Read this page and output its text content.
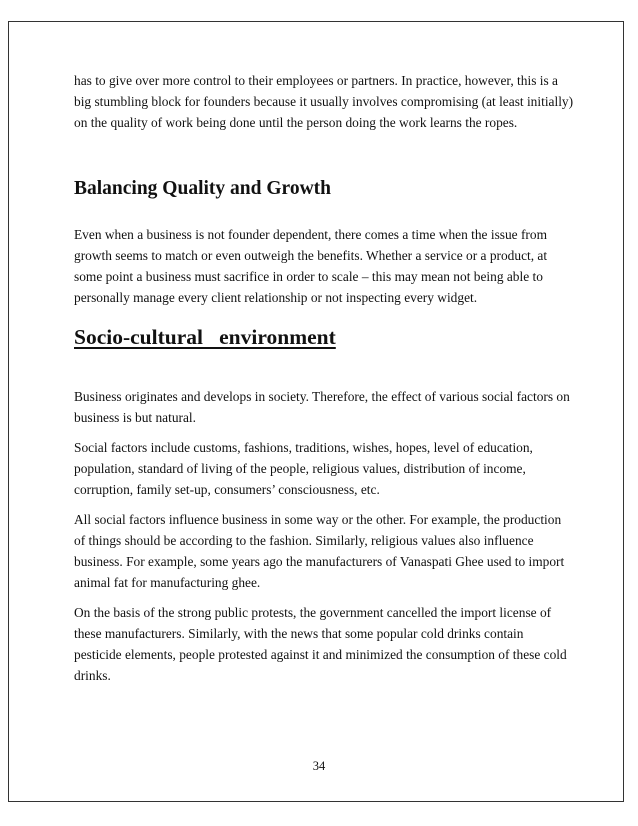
has to give over more control to their employees or partners. In practice, however, this is a big stumbling block for founders because it usually involves compromising (at least initially) on the quality of work being done until the person doing the work learns the ropes.

Balancing Quality and Growth

Even when a business is not founder dependent, there comes a time when the issue from growth seems to match or even outweigh the benefits. Whether a service or a product, at some point a business must sacrifice in order to scale – this may mean not being able to personally manage every client relationship or not inspecting every widget.

Socio-cultural   environment

Business originates and develops in society. Therefore, the effect of various social factors on business is but natural.

Social factors include customs, fashions, traditions, wishes, hopes, level of education, population, standard of living of the people, religious values, distribution of income, corruption, family set-up, consumers’ consciousness, etc.

All social factors influence business in some way or the other. For example, the production of things should be according to the fashion. Similarly, religious values also influence business. For example, some years ago the manufacturers of Vanaspati Ghee used to import animal fat for manufacturing ghee.

On the basis of the strong public protests, the government cancelled the import license of these manufacturers. Similarly, with the news that some popular cold drinks contain pesticide elements, people protested against it and minimized the consumption of these cold drinks.

34
